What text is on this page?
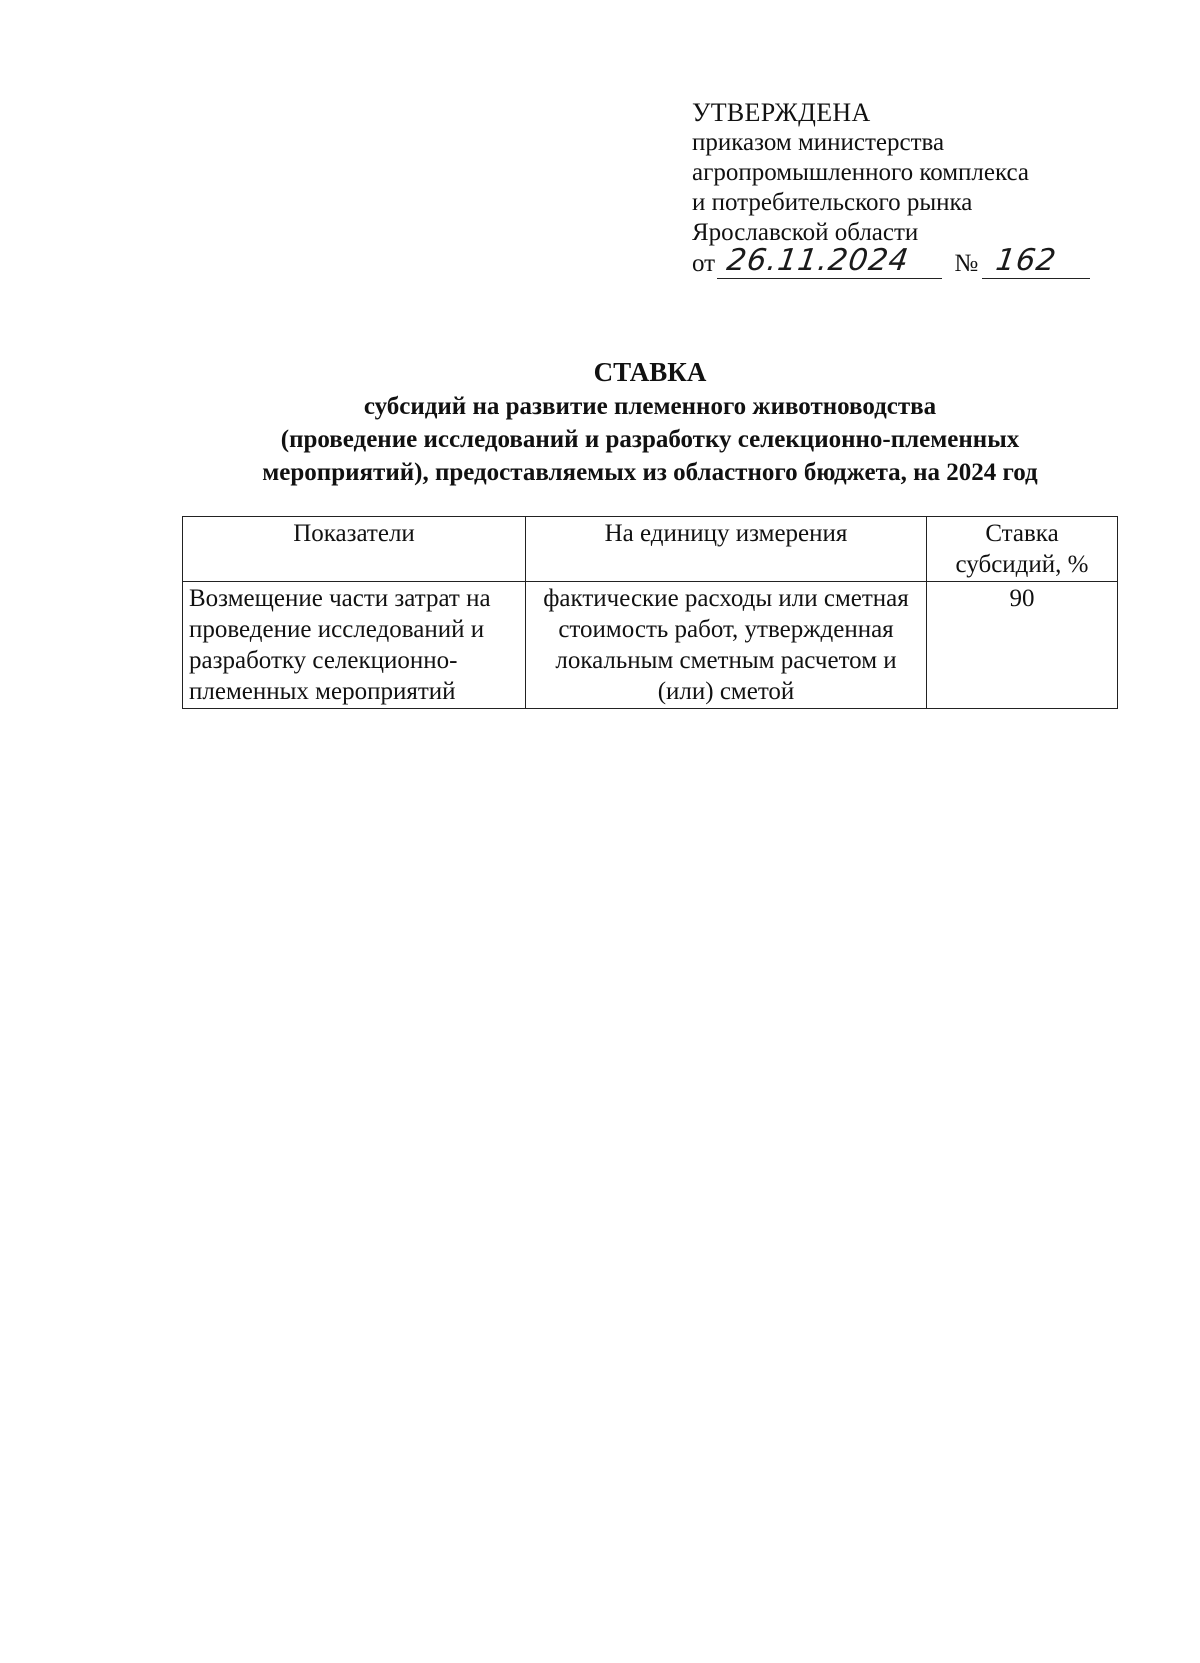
УТВЕРЖДЕНА
приказом министерства
агропромышленного комплекса
и потребительского рынка
Ярославской области
от 26.11.2024 № 162
СТАВКА
субсидий на развитие племенного животноводства
(проведение исследований и разработку селекционно-племенных
мероприятий), предоставляемых из областного бюджета, на 2024 год
Показатели	На единицу измерения	Ставка субсидий, %
Возмещение части затрат на проведение исследований и разработку селекционно-племенных мероприятий	фактические расходы или сметная стоимость работ, утвержденная локальным сметным расчетом и (или) сметой	90
